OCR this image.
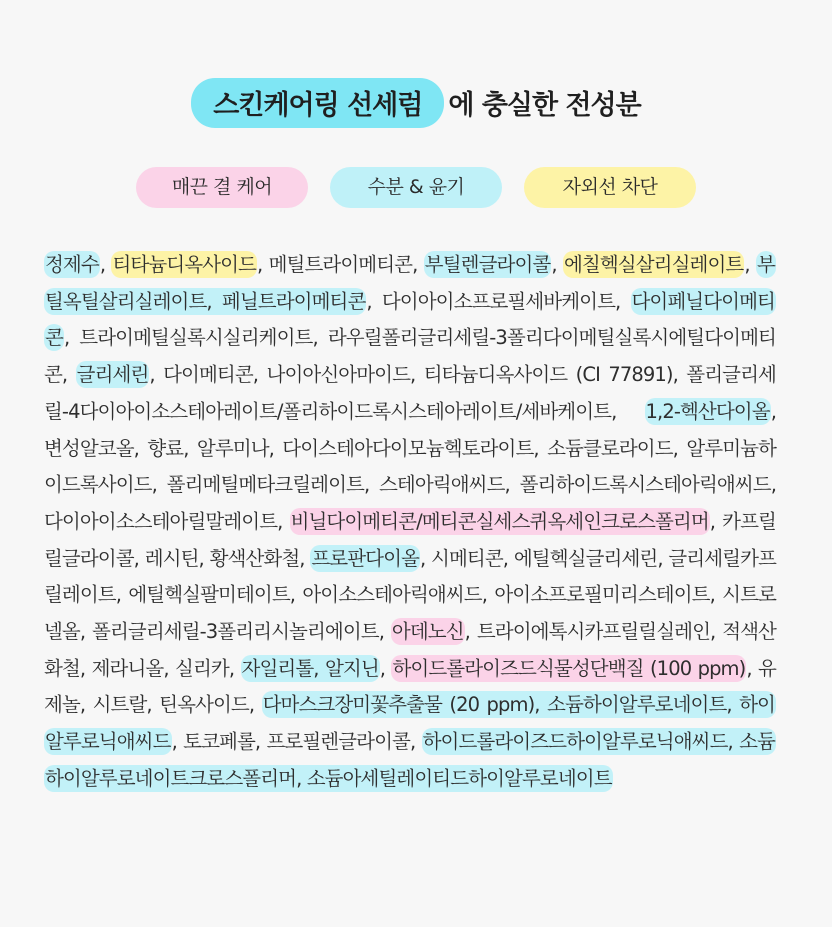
스킨케어링 선세럼 에 충실한 전성분
매끈 결 케어	수분 & 윤기	자외선 차단
정제수, 티타늄디옥사이드, 메틸트라이메티콘, 부틸렌글라이콜, 에칠헥실살리실레이트, 부틸옥틸살리실레이트, 페닐트라이메티콘, 다이아이소프로필세바케이트, 다이페닐다이메티콘, 트라이메틸실록시실리케이트, 라우릴폴리글리세릴-3폴리다이메틸실록시에틸다이메티콘, 글리세린, 다이메티콘, 나이아신아마이드, 티타늄디옥사이드 (CI 77891), 폴리글리세릴-4다이아이소스테아레이트/폴리하이드록시스테아레이트/세바케이트, 1,2-헥산다이올, 변성알코올, 향료, 알루미나, 다이스테아다이모늄헥토라이트, 소듐클로라이드, 알루미늄하이드록사이드, 폴리메틸메타크릴레이트, 스테아릭애씨드, 폴리하이드록시스테아릭애씨드, 다이아이소스테아릴말레이트, 비닐다이메티콘/메티콘실세스퀴옥세인크로스폴리머, 카프릴릴글라이콜, 레시틴, 황색산화철, 프로판다이올, 시메티콘, 에틸헥실글리세린, 글리세릴카프릴레이트, 에틸헥실팔미테이트, 아이소스테아릭애씨드, 아이소프로필미리스테이트, 시트로넬올, 폴리글리세릴-3폴리리시놀리에이트, 아데노신, 트라이에톡시카프릴릴실레인, 적색산화철, 제라니올, 실리카, 자일리톨, 알지닌, 하이드롤라이즈드식물성단백질 (100 ppm), 유제놀, 시트랄, 틴옥사이드, 다마스크장미꽃추출물 (20 ppm), 소듐하이알루로네이트, 하이알루로닉애씨드, 토코페롤, 프로필렌글라이콜, 하이드롤라이즈드하이알루로닉애씨드, 소듐하이알루로네이트크로스폴리머, 소듐아세틸레이티드하이알루로네이트
